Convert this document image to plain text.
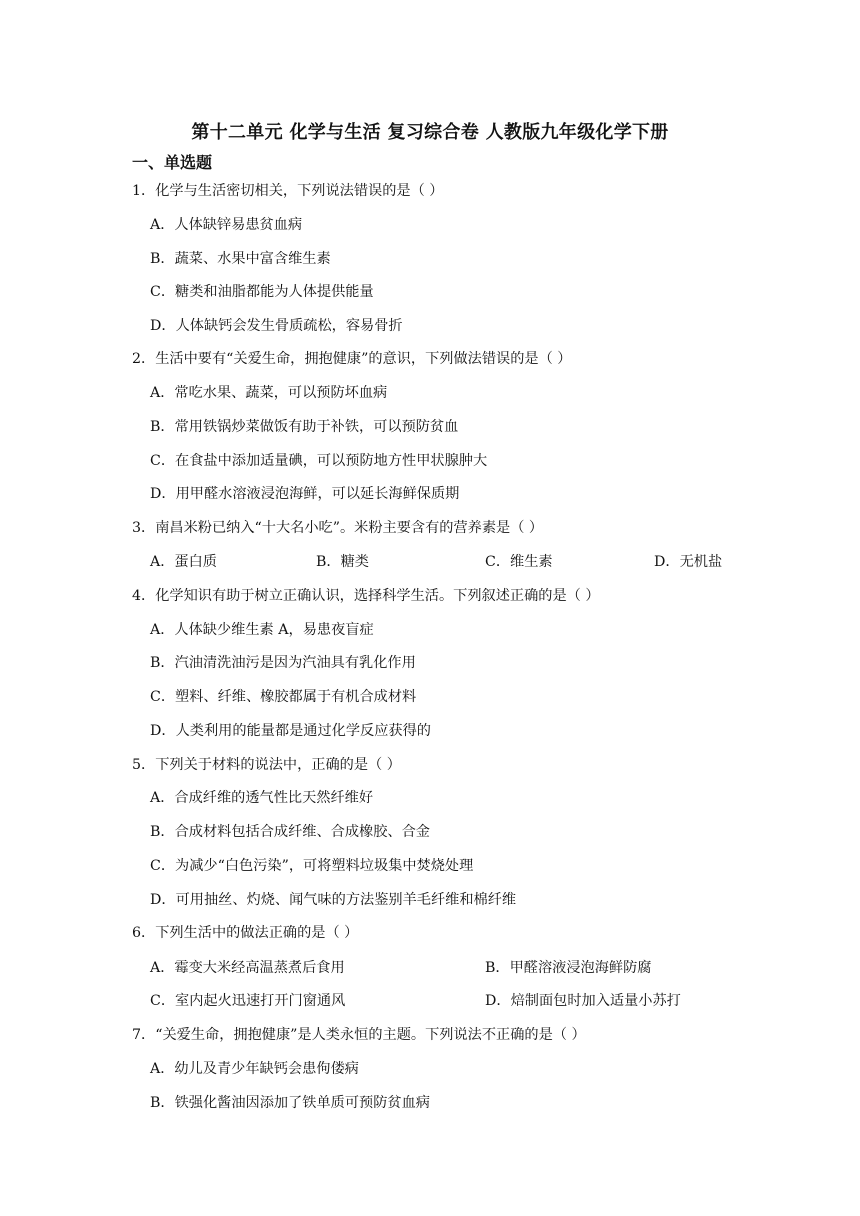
第十二单元 化学与生活 复习综合卷 人教版九年级化学下册
一、单选题
1．化学与生活密切相关，下列说法错误的是（ ）
A．人体缺锌易患贫血病
B．蔬菜、水果中富含维生素
C．糖类和油脂都能为人体提供能量
D．人体缺钙会发生骨质疏松，容易骨折
2．生活中要有“关爱生命，拥抱健康”的意识，下列做法错误的是（ ）
A．常吃水果、蔬菜，可以预防坏血病
B．常用铁锅炒菜做饭有助于补铁，可以预防贫血
C．在食盐中添加适量碘，可以预防地方性甲状腺肿大
D．用甲醛水溶液浸泡海鲜，可以延长海鲜保质期
3．南昌米粉已纳入“十大名小吃”。米粉主要含有的营养素是（ ）
A．蛋白质	B．糖类	C．维生素	D．无机盐
4．化学知识有助于树立正确认识，选择科学生活。下列叙述正确的是（ ）
A．人体缺少维生素 A，易患夜盲症
B．汽油清洗油污是因为汽油具有乳化作用
C．塑料、纤维、橡胶都属于有机合成材料
D．人类利用的能量都是通过化学反应获得的
5．下列关于材料的说法中，正确的是（ ）
A．合成纤维的透气性比天然纤维好
B．合成材料包括合成纤维、合成橡胶、合金
C．为减少“白色污染”，可将塑料垃圾集中焚烧处理
D．可用抽丝、灼烧、闻气味的方法鉴别羊毛纤维和棉纤维
6．下列生活中的做法正确的是（ ）
A．霉变大米经高温蒸煮后食用	B．甲醛溶液浸泡海鲜防腐
C．室内起火迅速打开门窗通风	D．焙制面包时加入适量小苏打
7．“关爱生命，拥抱健康”是人类永恒的主题。下列说法不正确的是（ ）
A．幼儿及青少年缺钙会患佝偻病
B．铁强化酱油因添加了铁单质可预防贫血病
